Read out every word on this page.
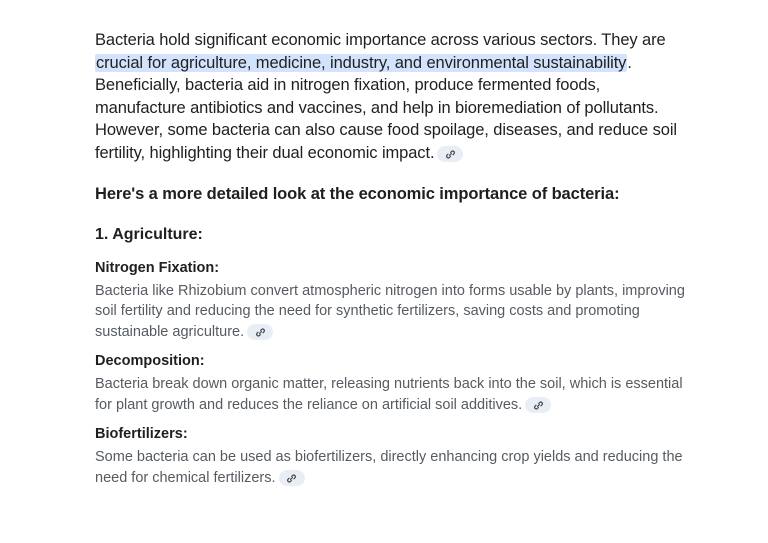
Bacteria hold significant economic importance across various sectors. They are crucial for agriculture, medicine, industry, and environmental sustainability. Beneficially, bacteria aid in nitrogen fixation, produce fermented foods, manufacture antibiotics and vaccines, and help in bioremediation of pollutants. However, some bacteria can also cause food spoilage, diseases, and reduce soil fertility, highlighting their dual economic impact.

Here's a more detailed look at the economic importance of bacteria:

1. Agriculture:

Nitrogen Fixation:

Bacteria like Rhizobium convert atmospheric nitrogen into forms usable by plants, improving soil fertility and reducing the need for synthetic fertilizers, saving costs and promoting sustainable agriculture.

Decomposition:

Bacteria break down organic matter, releasing nutrients back into the soil, which is essential for plant growth and reduces the reliance on artificial soil additives.

Biofertilizers:

Some bacteria can be used as biofertilizers, directly enhancing crop yields and reducing the need for chemical fertilizers.
